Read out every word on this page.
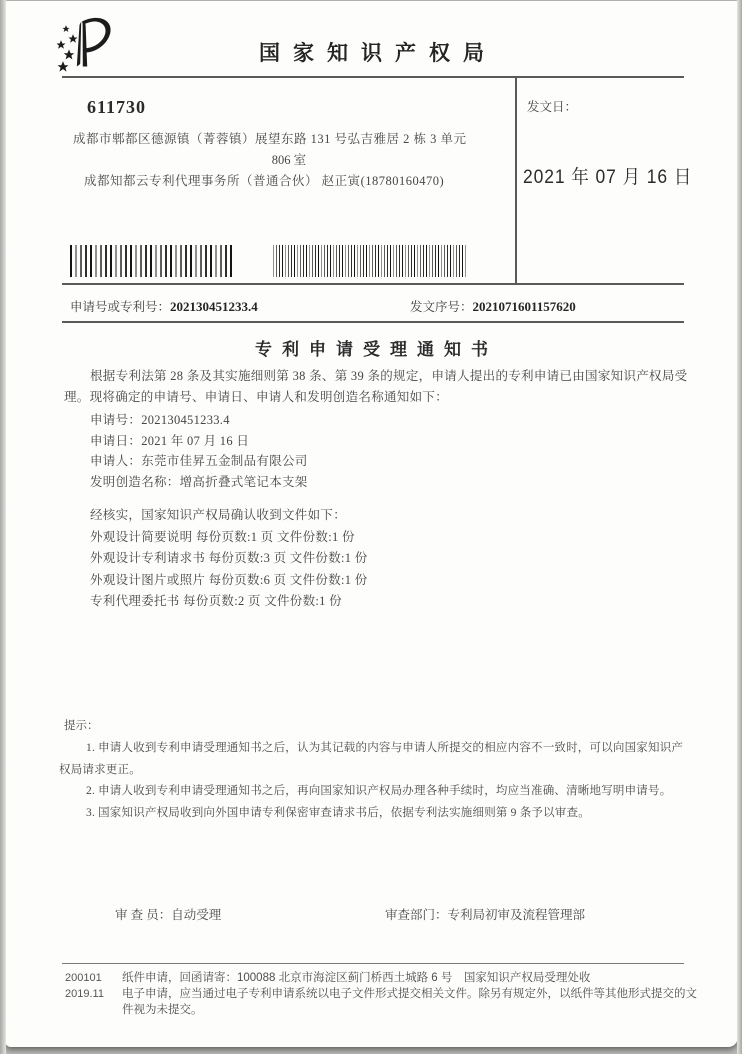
国家知识产权局
611730
成都市郫都区德源镇（菁蓉镇）展望东路 131 号弘吉雅居 2 栋 3 单元
806 室
成都知都云专利代理事务所（普通合伙） 赵正寅(18780160470)
发文日：
2021 年 07 月 16 日
申请号或专利号：202130451233.4	发文序号：2021071601157620
专利申请受理通知书

根据专利法第 28 条及其实施细则第 38 条、第 39 条的规定，申请人提出的专利申请已由国家知识产权局受理。现将确定的申请号、申请日、申请人和发明创造名称通知如下：

申请号：202130451233.4
申请日：2021 年 07 月 16 日
申请人：东莞市佳昇五金制品有限公司
发明创造名称：增高折叠式笔记本支架
经核实，国家知识产权局确认收到文件如下：
外观设计简要说明 每份页数:1 页 文件份数:1 份
外观设计专利请求书 每份页数:3 页 文件份数:1 份
外观设计图片或照片 每份页数:6 页 文件份数:1 份
专利代理委托书 每份页数:2 页 文件份数:1 份
提示：

1. 申请人收到专利申请受理通知书之后，认为其记载的内容与申请人所提交的相应内容不一致时，可以向国家知识产权局请求更正。

2. 申请人收到专利申请受理通知书之后，再向国家知识产权局办理各种手续时，均应当准确、清晰地写明申请号。

3. 国家知识产权局收到向外国申请专利保密审查请求书后，依据专利法实施细则第 9 条予以审查。

审 查 员：自动受理	审查部门：专利局初审及流程管理部
200101
2019.11
纸件申请，回函请寄：100088 北京市海淀区蓟门桥西土城路 6 号　国家知识产权局受理处收
电子申请，应当通过电子专利申请系统以电子文件形式提交相关文件。除另有规定外，以纸件等其他形式提交的文件视为未提交。
